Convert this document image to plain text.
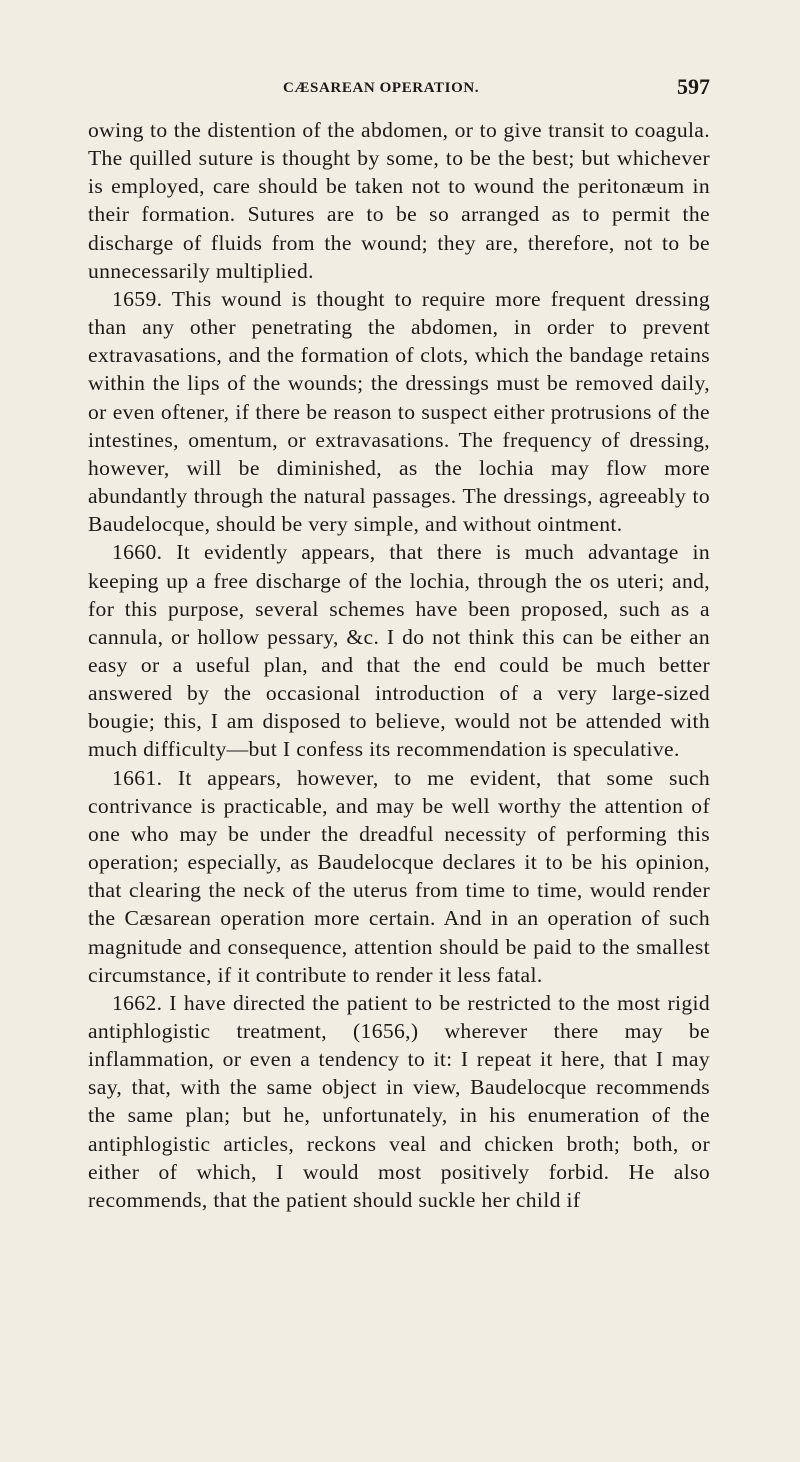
CÆSAREAN OPERATION.	597

owing to the distention of the abdomen, or to give transit to coagula. The quilled suture is thought by some, to be the best; but whichever is employed, care should be taken not to wound the peritonæum in their formation. Sutures are to be so arranged as to permit the discharge of fluids from the wound; they are, therefore, not to be unnecessarily multiplied.

1659. This wound is thought to require more frequent dressing than any other penetrating the abdomen, in order to prevent extravasations, and the formation of clots, which the bandage retains within the lips of the wounds; the dressings must be removed daily, or even oftener, if there be reason to suspect either protrusions of the intestines, omentum, or extravasations. The frequency of dressing, however, will be diminished, as the lochia may flow more abundantly through the natural passages. The dressings, agreeably to Baudelocque, should be very simple, and without ointment.

1660. It evidently appears, that there is much advantage in keeping up a free discharge of the lochia, through the os uteri; and, for this purpose, several schemes have been proposed, such as a cannula, or hollow pessary, &c. I do not think this can be either an easy or a useful plan, and that the end could be much better answered by the occasional introduction of a very large-sized bougie; this, I am disposed to believe, would not be attended with much difficulty—but I confess its recommendation is speculative.

1661. It appears, however, to me evident, that some such contrivance is practicable, and may be well worthy the attention of one who may be under the dreadful necessity of performing this operation; especially, as Baudelocque declares it to be his opinion, that clearing the neck of the uterus from time to time, would render the Cæsarean operation more certain. And in an operation of such magnitude and consequence, attention should be paid to the smallest circumstance, if it contribute to render it less fatal.

1662. I have directed the patient to be restricted to the most rigid antiphlogistic treatment, (1656,) wherever there may be inflammation, or even a tendency to it: I repeat it here, that I may say, that, with the same object in view, Baudelocque recommends the same plan; but he, unfortunately, in his enumeration of the antiphlogistic articles, reckons veal and chicken broth; both, or either of which, I would most positively forbid. He also recommends, that the patient should suckle her child if
